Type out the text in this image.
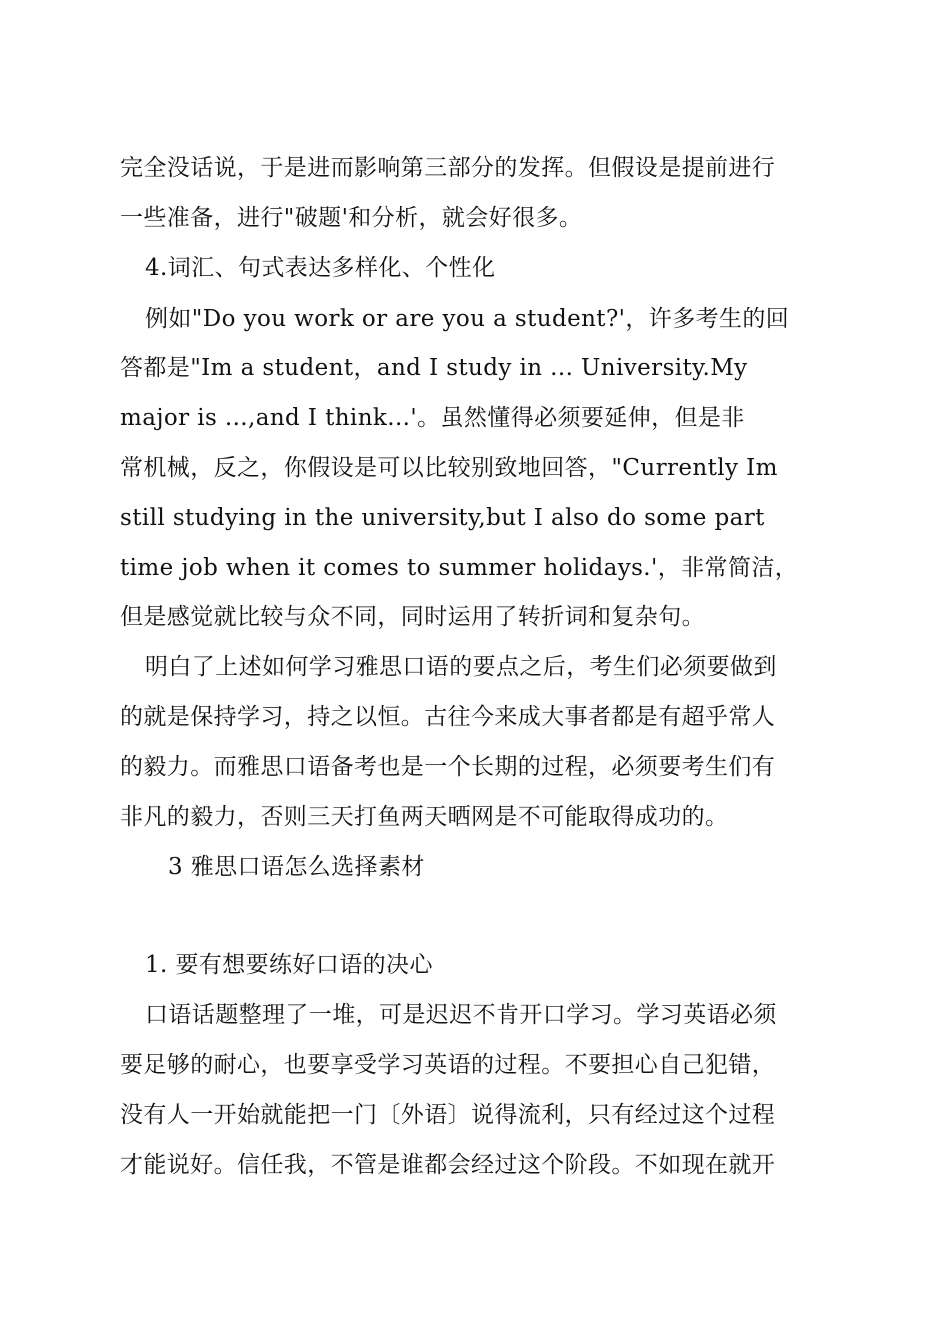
完全没话说，于是进而影响第三部分的发挥。但假设是提前进行
一些准备，进行"破题'和分析，就会好很多。
4.词汇、句式表达多样化、个性化
例如"Do you work or are you a student?'，许多考生的回
答都是"Im a student，and I study in ... University.My
major is ...,and I think...'。虽然懂得必须要延伸，但是非
常机械，反之，你假设是可以比较别致地回答，"Currently Im
still studying in the university,but I also do some part
time job when it comes to summer holidays.'，非常简洁，
但是感觉就比较与众不同，同时运用了转折词和复杂句。
明白了上述如何学习雅思口语的要点之后，考生们必须要做到
的就是保持学习，持之以恒。古往今来成大事者都是有超乎常人
的毅力。而雅思口语备考也是一个长期的过程，必须要考生们有
非凡的毅力，否则三天打鱼两天晒网是不可能取得成功的。
3 雅思口语怎么选择素材
1. 要有想要练好口语的决心
口语话题整理了一堆，可是迟迟不肯开口学习。学习英语必须
要足够的耐心，也要享受学习英语的过程。不要担心自己犯错，
没有人一开始就能把一门〔外语〕说得流利，只有经过这个过程
才能说好。信任我，不管是谁都会经过这个阶段。不如现在就开
